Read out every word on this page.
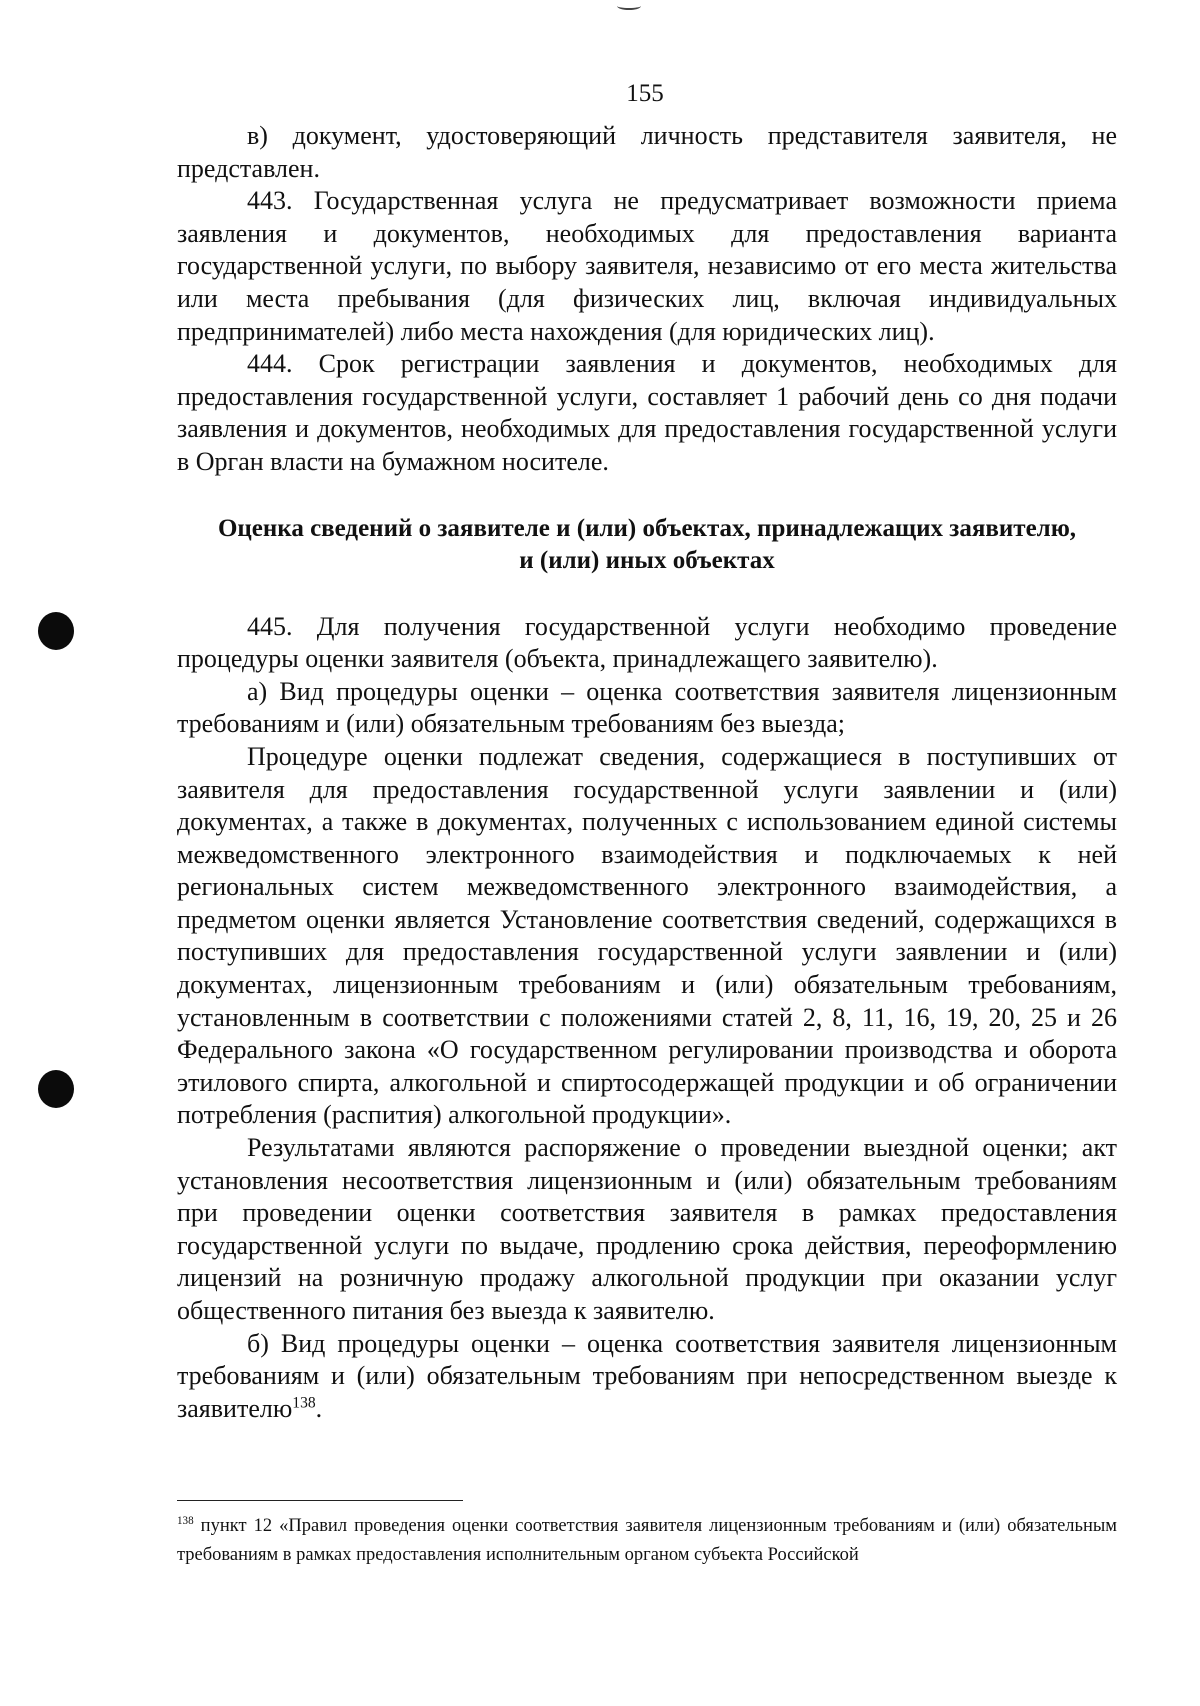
155

в) документ, удостоверяющий личность представителя заявителя, не представлен.

443. Государственная услуга не предусматривает возможности приема заявления и документов, необходимых для предоставления варианта государственной услуги, по выбору заявителя, независимо от его места жительства или места пребывания (для физических лиц, включая индивидуальных предпринимателей) либо места нахождения (для юридических лиц).

444. Срок регистрации заявления и документов, необходимых для предоставления государственной услуги, составляет 1 рабочий день со дня подачи заявления и документов, необходимых для предоставления государственной услуги в Орган власти на бумажном носителе.

Оценка сведений о заявителе и (или) объектах, принадлежащих заявителю, и (или) иных объектах

445. Для получения государственной услуги необходимо проведение процедуры оценки заявителя (объекта, принадлежащего заявителю).

а) Вид процедуры оценки – оценка соответствия заявителя лицензионным требованиям и (или) обязательным требованиям без выезда;

Процедуре оценки подлежат сведения, содержащиеся в поступивших от заявителя для предоставления государственной услуги заявлении и (или) документах, а также в документах, полученных с использованием единой системы межведомственного электронного взаимодействия и подключаемых к ней региональных систем межведомственного электронного взаимодействия, а предметом оценки является Установление соответствия сведений, содержащихся в поступивших для предоставления государственной услуги заявлении и (или) документах, лицензионным требованиям и (или) обязательным требованиям, установленным в соответствии с положениями статей 2, 8, 11, 16, 19, 20, 25 и 26 Федерального закона «О государственном регулировании производства и оборота этилового спирта, алкогольной и спиртосодержащей продукции и об ограничении потребления (распития) алкогольной продукции».

Результатами являются распоряжение о проведении выездной оценки; акт установления несоответствия лицензионным и (или) обязательным требованиям при проведении оценки соответствия заявителя в рамках предоставления государственной услуги по выдаче, продлению срока действия, переоформлению лицензий на розничную продажу алкогольной продукции при оказании услуг общественного питания без выезда к заявителю.

б) Вид процедуры оценки – оценка соответствия заявителя лицензионным требованиям и (или) обязательным требованиям при непосредственном выезде к заявителю$^{138}$.

$^{138}$ пункт 12 «Правил проведения оценки соответствия заявителя лицензионным требованиям и (или) обязательным требованиям в рамках предоставления исполнительным органом субъекта Российской
